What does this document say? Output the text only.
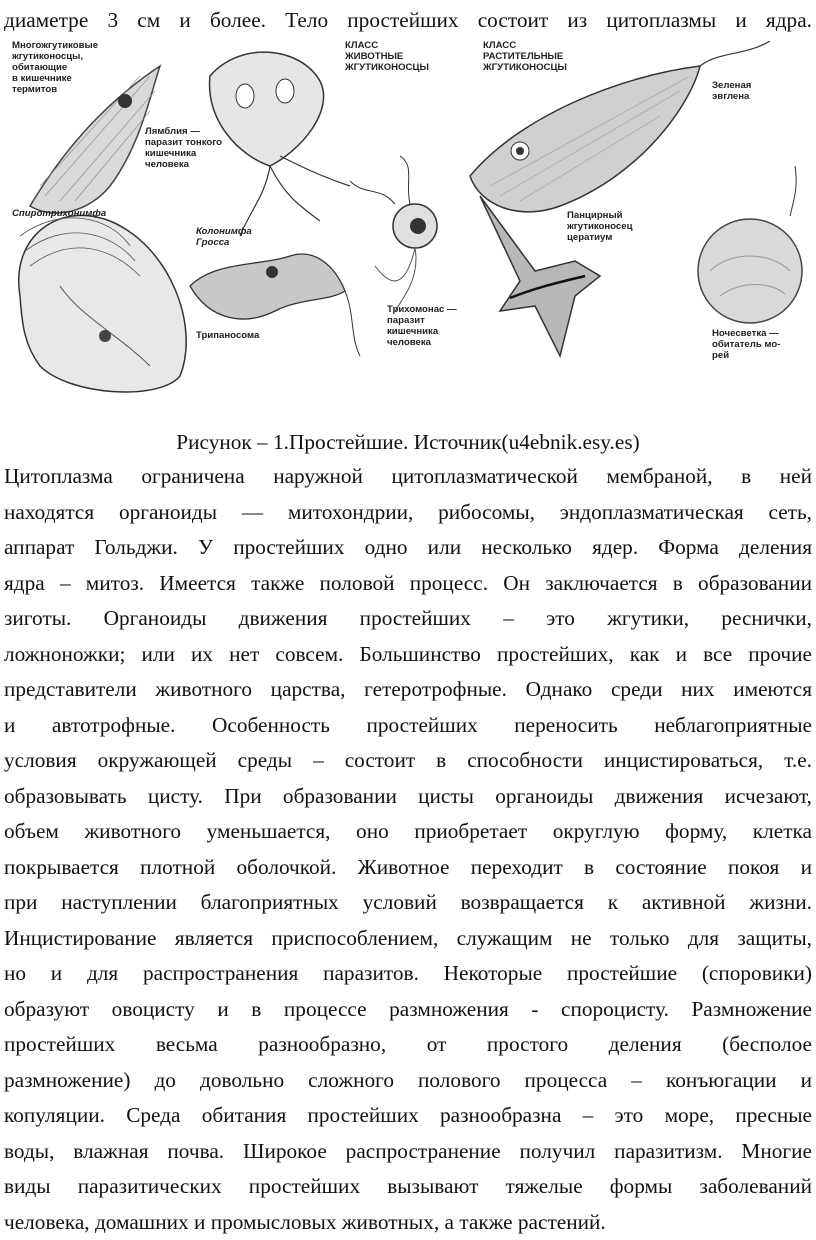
диаметре 3 см и более. Тело простейших состоит из цитоплазмы и ядра.
Многожгутиковые
жгутиконосцы,
обитающие
в кишечнике
термитов
КЛАСС
ЖИВОТНЫЕ
ЖГУТИКОНОСЦЫ
КЛАСС
РАСТИТЕЛЬНЫЕ
ЖГУТИКОНОСЦЫ
Зеленая
эвглена
Лямблия —
паразит тонкого
кишечника
человека
Спиротрихонимфа
Колонимфа
Гросса
Трипаносома
Панцирный
жгутиконосец
цератиум
Трихомонас —
паразит
кишечника
человека
Ночесветка —
обитатель мо-
рей
Рисунок – 1.Простейшие. Источник(u4ebnik.esy.es)
Цитоплазма ограничена наружной цитоплазматической мембраной, в ней
находятся органоиды — митохондрии, рибосомы, эндоплазматическая сеть,
аппарат Гольджи. У простейших одно или несколько ядер. Форма деления
ядра – митоз. Имеется также половой процесс. Он заключается в образовании
зиготы. Органоиды движения простейших – это жгутики, реснички,
ложноножки; или их нет совсем. Большинство простейших, как и все прочие
представители животного царства, гетеротрофные. Однако среди них имеются
и автотрофные. Особенность простейших переносить неблагоприятные
условия окружающей среды – состоит в способности инцистироваться, т.е.
образовывать цисту. При образовании цисты органоиды движения исчезают,
объем животного уменьшается, оно приобретает округлую форму, клетка
покрывается плотной оболочкой. Животное переходит в состояние покоя и
при наступлении благоприятных условий возвращается к активной жизни.
Инцистирование является приспособлением, служащим не только для защиты,
но и для распространения паразитов. Некоторые простейшие (споровики)
образуют овоцисту и в процессе размножения - спороцисту. Размножение
простейших весьма разнообразно, от простого деления (бесполое
размножение) до довольно сложного полового процесса – конъюгации и
копуляции. Среда обитания простейших разнообразна – это море, пресные
воды, влажная почва. Широкое распространение получил паразитизм. Многие
виды паразитических простейших вызывают тяжелые формы заболеваний
человека, домашних и промысловых животных, а также растений.
